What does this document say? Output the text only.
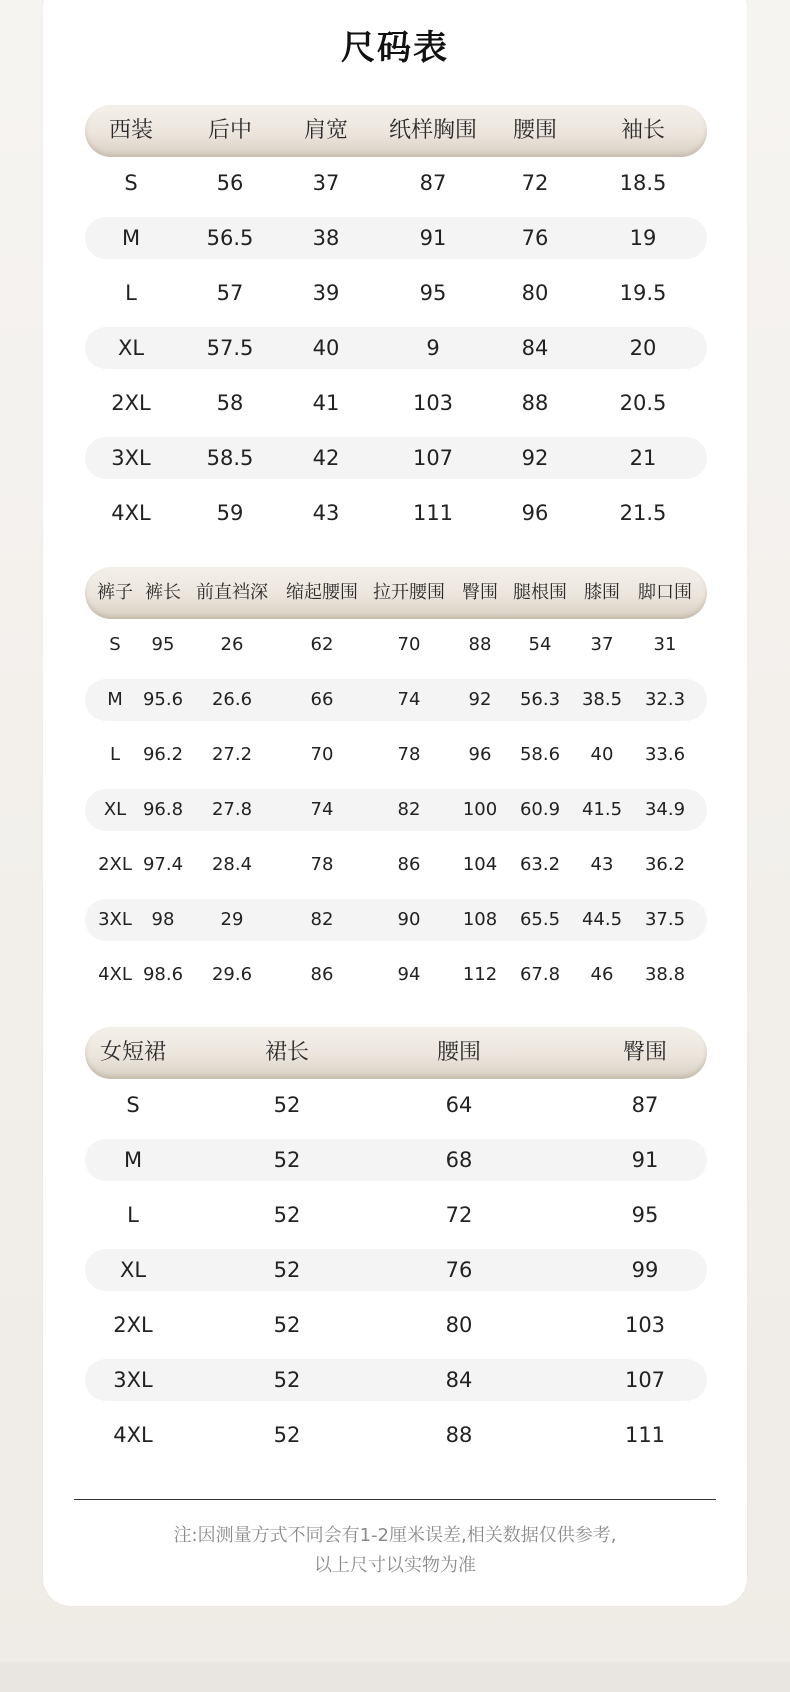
尺码表
西装 后中 肩宽 纸样胸围 腰围	袖长
S	56	37	87	72	18.5
M	56.5	38	91	76	19
L	57	39	95	80	19.5
XL	57.5	40	9	84	20
2XL	58	41	103	88	20.5
3XL	58.5	42	107	92	21
4XL	59	43	111	96	21.5
裤子 裤长 前直裆深 缩起腰围 拉开腰围 臀围 腿根围 膝围 脚口围
S 95	26	62	70	88 54 37 31
M 95.6 26.6	66	74	92 56.3 38.5 32.3
L 96.2 27.2	70	78	96 58.6 40 33.6
XL 96.8 27.8	74	82 100 60.9 41.5 34.9
2XL 97.4 28.4	78	86 104 63.2 43 36.2
3XL 98	29	82	90 108 65.5 44.5 37.5
4XL 98.6 29.6	86	94 112 67.8 46 38.8
女短裙	裙长	腰围	臀围
S	52	64	87
M	52	68	91
L	52	72	95
XL	52	76	99
2XL	52	80	103
3XL	52	84	107
4XL	52	88	111

注:因测量方式不同会有1-2厘米误差,相关数据仅供参考,

以上尺寸以实物为准
